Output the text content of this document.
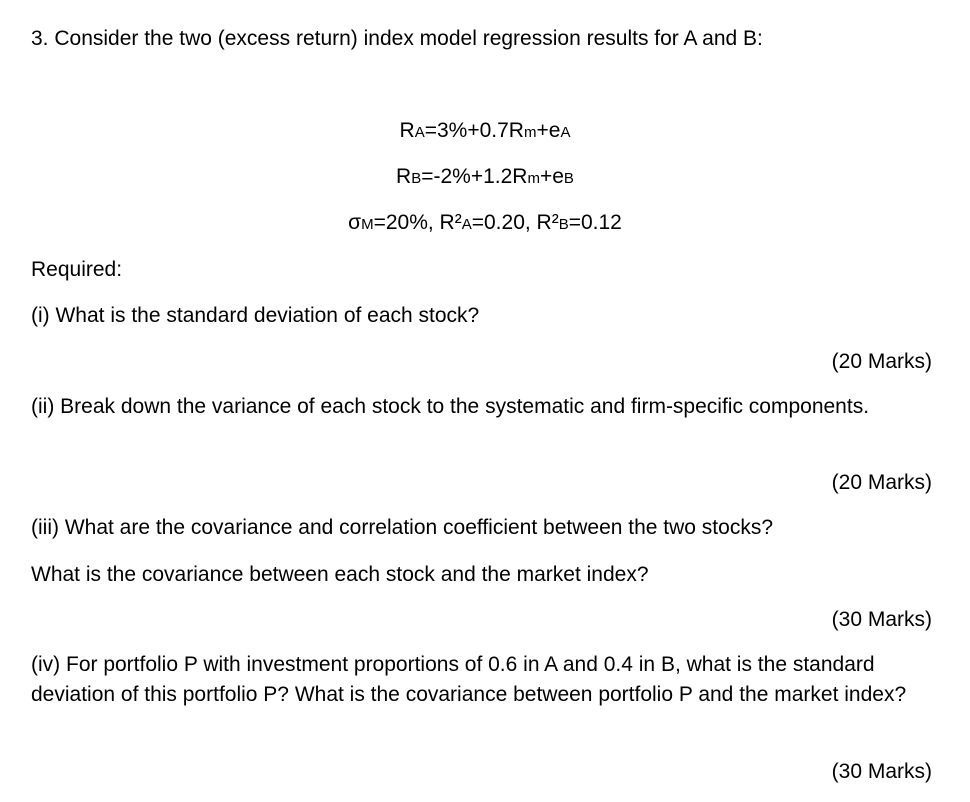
3. Consider the two (excess return) index model regression results for A and B:
RA=3%+0.7Rm+eA
RB=-2%+1.2Rm+eB
σM=20%, R²A=0.20, R²B=0.12
Required:
(i) What is the standard deviation of each stock?
(20 Marks)
(ii) Break down the variance of each stock to the systematic and firm-specific components.
(20 Marks)
(iii) What are the covariance and correlation coefficient between the two stocks?
What is the covariance between each stock and the market index?
(30 Marks)
(iv) For portfolio P with investment proportions of 0.6 in A and 0.4 in B, what is the standard deviation of this portfolio P? What is the covariance between portfolio P and the market index?
(30 Marks)
